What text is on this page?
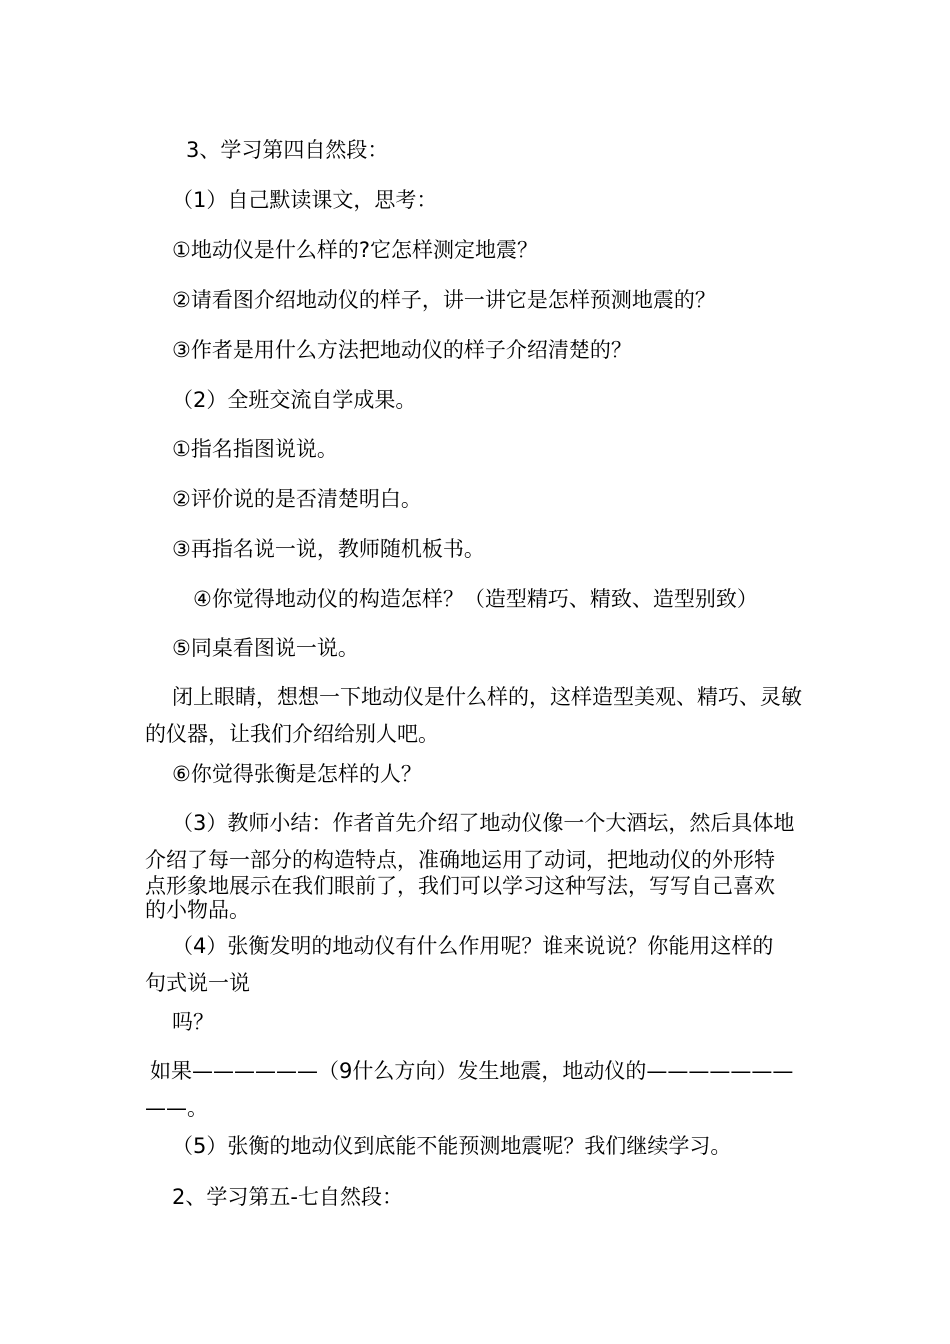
3、学习第四自然段：
（1）自己默读课文，思考：
①地动仪是什么样的?它怎样测定地震？
②请看图介绍地动仪的样子，讲一讲它是怎样预测地震的？
③作者是用什么方法把地动仪的样子介绍清楚的？
（2）全班交流自学成果。
①指名指图说说。
②评价说的是否清楚明白。
③再指名说一说，教师随机板书。
④你觉得地动仪的构造怎样？（造型精巧、精致、造型别致）
⑤同桌看图说一说。
闭上眼睛，想想一下地动仪是什么样的，这样造型美观、精巧、灵敏
的仪器，让我们介绍给别人吧。
⑥你觉得张衡是怎样的人？
（3）教师小结：作者首先介绍了地动仪像一个大酒坛，然后具体地
介绍了每一部分的构造特点，准确地运用了动词，把地动仪的外形特
点形象地展示在我们眼前了，我们可以学习这种写法，写写自己喜欢
的小物品。
（4）张衡发明的地动仪有什么作用呢？谁来说说？你能用这样的
句式说一说
吗？
如果——————（9什么方向）发生地震，地动仪的———————
——。
（5）张衡的地动仪到底能不能预测地震呢？我们继续学习。
2、学习第五-七自然段：
